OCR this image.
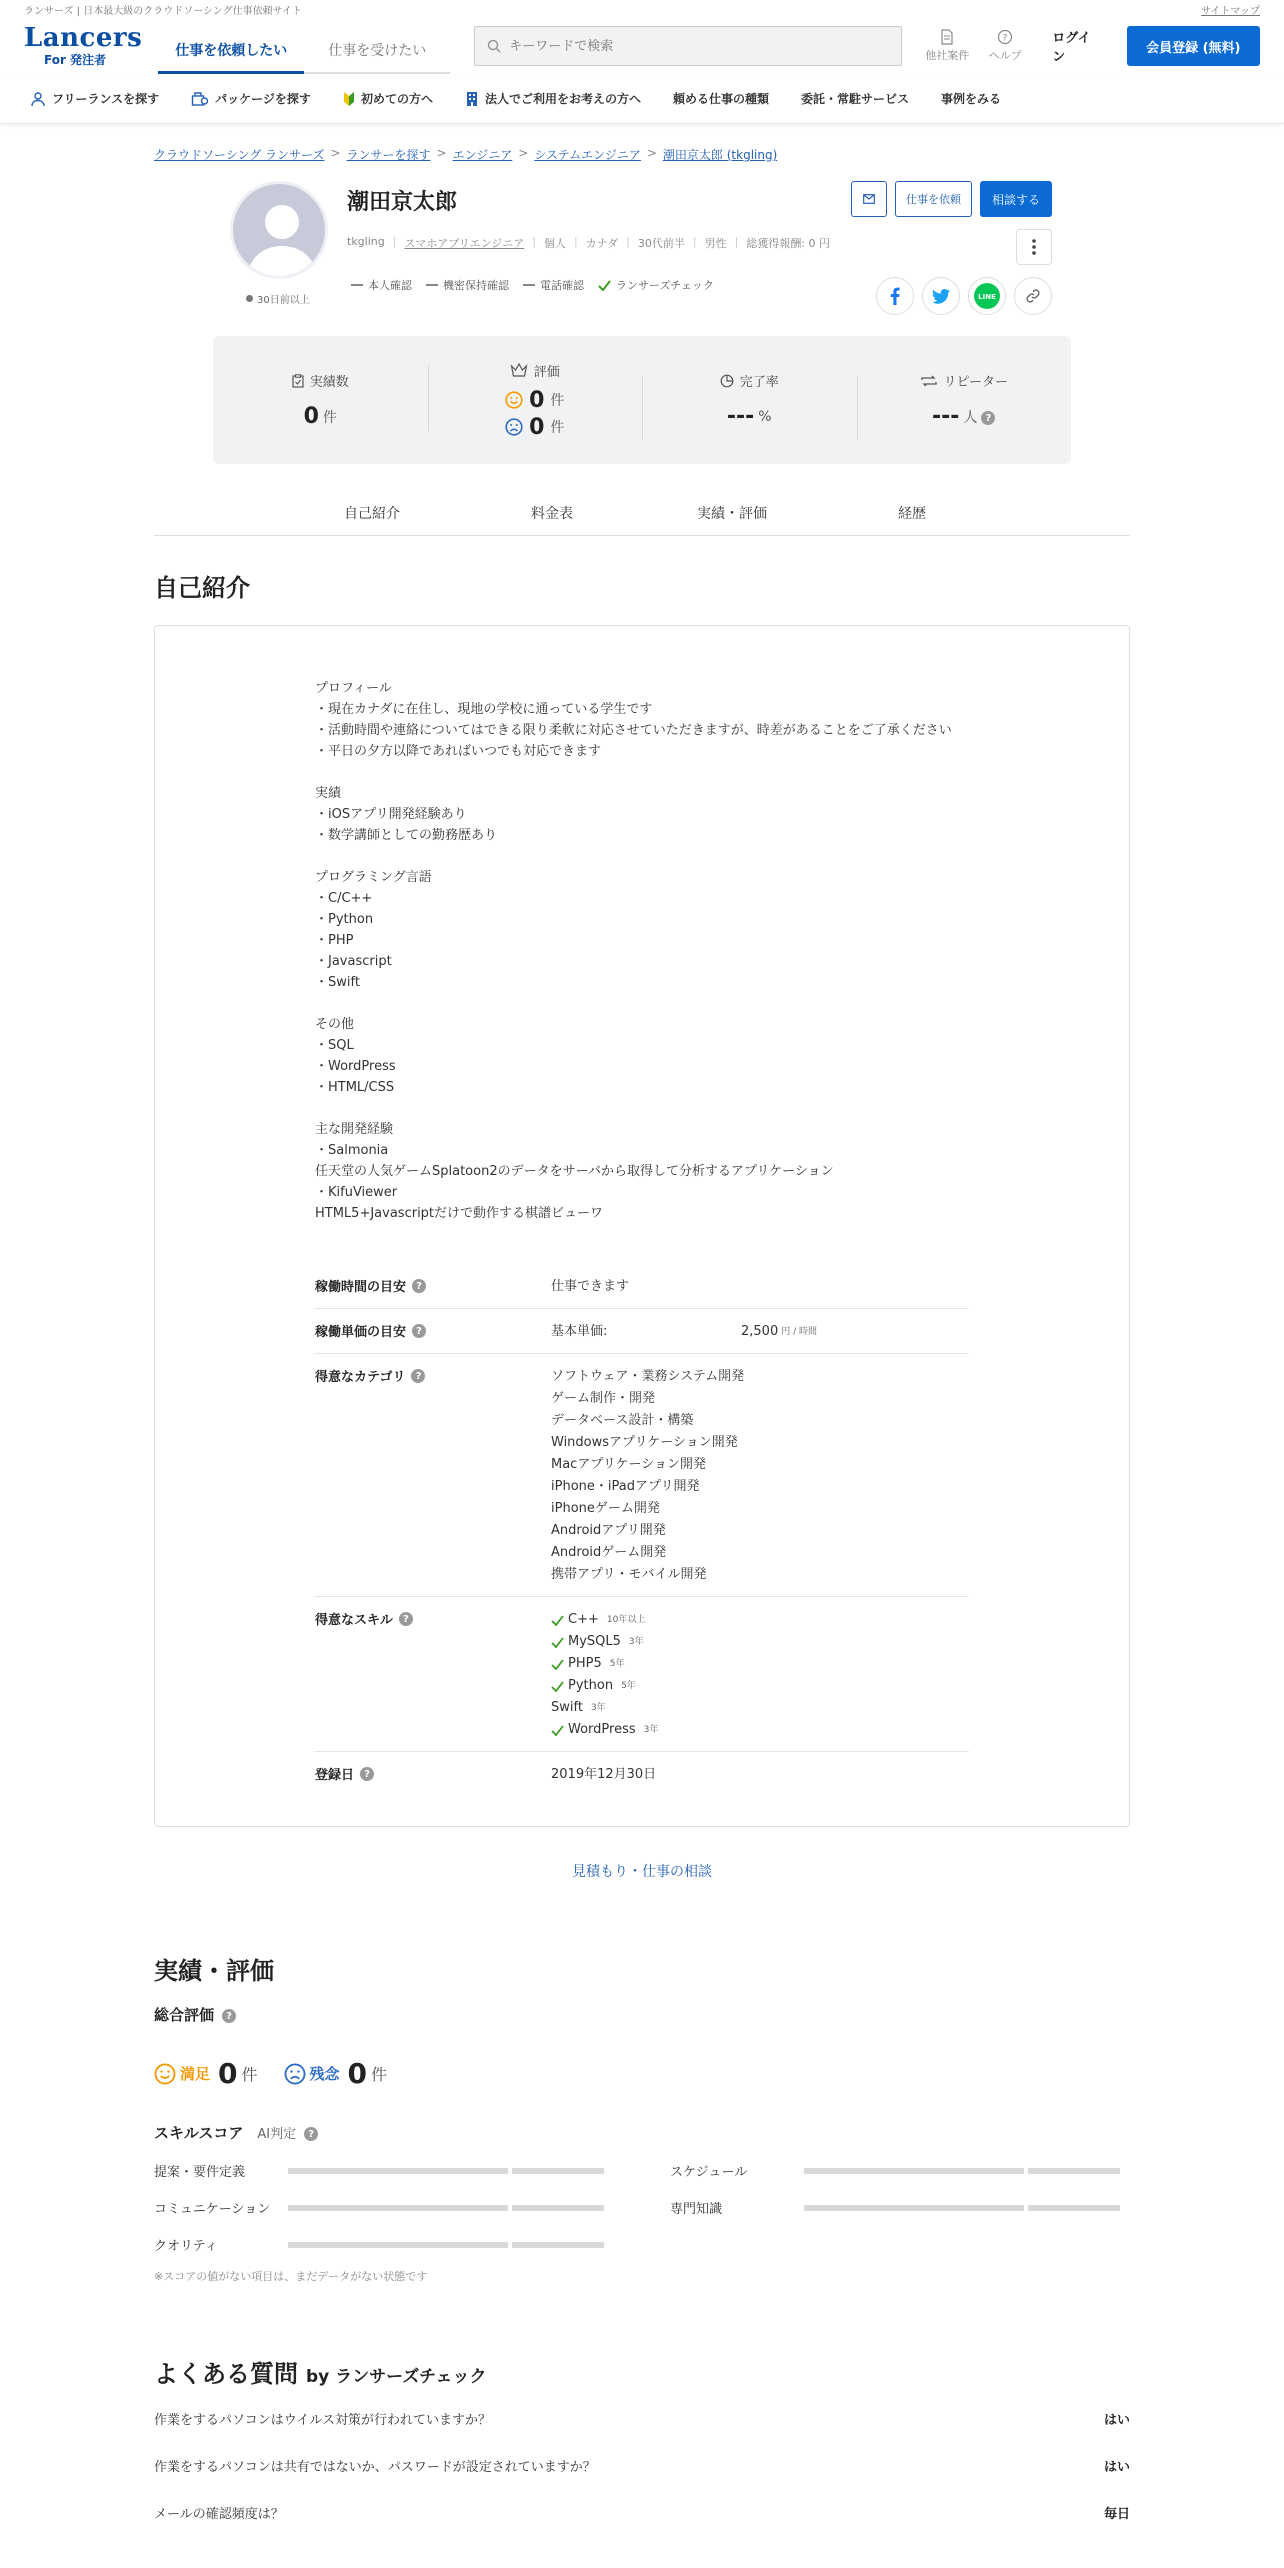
ランサーズ | 日本最大級のクラウドソーシング仕事依頼サイト	サイトマップ
Lancers
For 発注者
仕事を依頼したい	仕事を受けたい
キーワードで検索	他社案件
?
ヘルプ
ログイン
会員登録 (無料)
フリーランスを探す	パッケージを探す	初めての方へ	法人でご利用をお考えの方へ	頼める仕事の種類	委託・常駐サービス	事例をみる
クラウドソーシング ランサーズ > ランサーを探す > エンジニア > システムエンジニア > 潮田京太郎 (tkgling)
30日前以上
潮田京太郎
tkgling | スマホアプリエンジニア | 個人 | カナダ | 30代前半 | 男性 | 総獲得報酬: 0 円
本人確認	機密保持確認	電話確認	ランサーズチェック
仕事を依頼	相談する
LINE
実績数
0 件
評価
0 件
0 件
完了率
--- %
リピーター
--- 人 ?
自己紹介	料金表	実績・評価	経歴
自己紹介
プロフィール
・現在カナダに在住し、現地の学校に通っている学生です
・活動時間や連絡についてはできる限り柔軟に対応させていただきますが、時差があることをご了承ください
・平日の夕方以降であればいつでも対応できます

実績
・iOSアプリ開発経験あり
・数学講師としての勤務歴あり

プログラミング言語
・C/C++
・Python
・PHP
・Javascript
・Swift

その他
・SQL
・WordPress
・HTML/CSS

主な開発経験
・Salmonia
任天堂の人気ゲームSplatoon2のデータをサーバから取得して分析するアプリケーション
・KifuViewer
HTML5+Javascriptだけで動作する棋譜ビューワ
稼働時間の目安	?	仕事できます
稼働単価の目安	?	基本単価:	2,500 円 / 時間
得意なカテゴリ	?	ソフトウェア・業務システム開発
ゲーム制作・開発
データベース設計・構築
Windowsアプリケーション開発
Macアプリケーション開発
iPhone・iPadアプリ開発
iPhoneゲーム開発
Androidアプリ開発
Androidゲーム開発
携帯アプリ・モバイル開発
得意なスキル	?	C++ 10年以上
MySQL5 3年
PHP5 5年
Python 5年
Swift 3年
WordPress 3年
登録日	?	2019年12月30日
見積もり・仕事の相談
実績・評価
総合評価	?
満足 0 件	残念 0 件
スキルスコア AI判定	?
提案・要件定義	スケジュール
コミュニケーション	専門知識
クオリティ
※スコアの値がない項目は、まだデータがない状態です
よくある質問 by ランサーズチェック
作業をするパソコンはウイルス対策が行われていますか？	はい
作業をするパソコンは共有ではないか、パスワードが設定されていますか？	はい
メールの確認頻度は？	毎日
